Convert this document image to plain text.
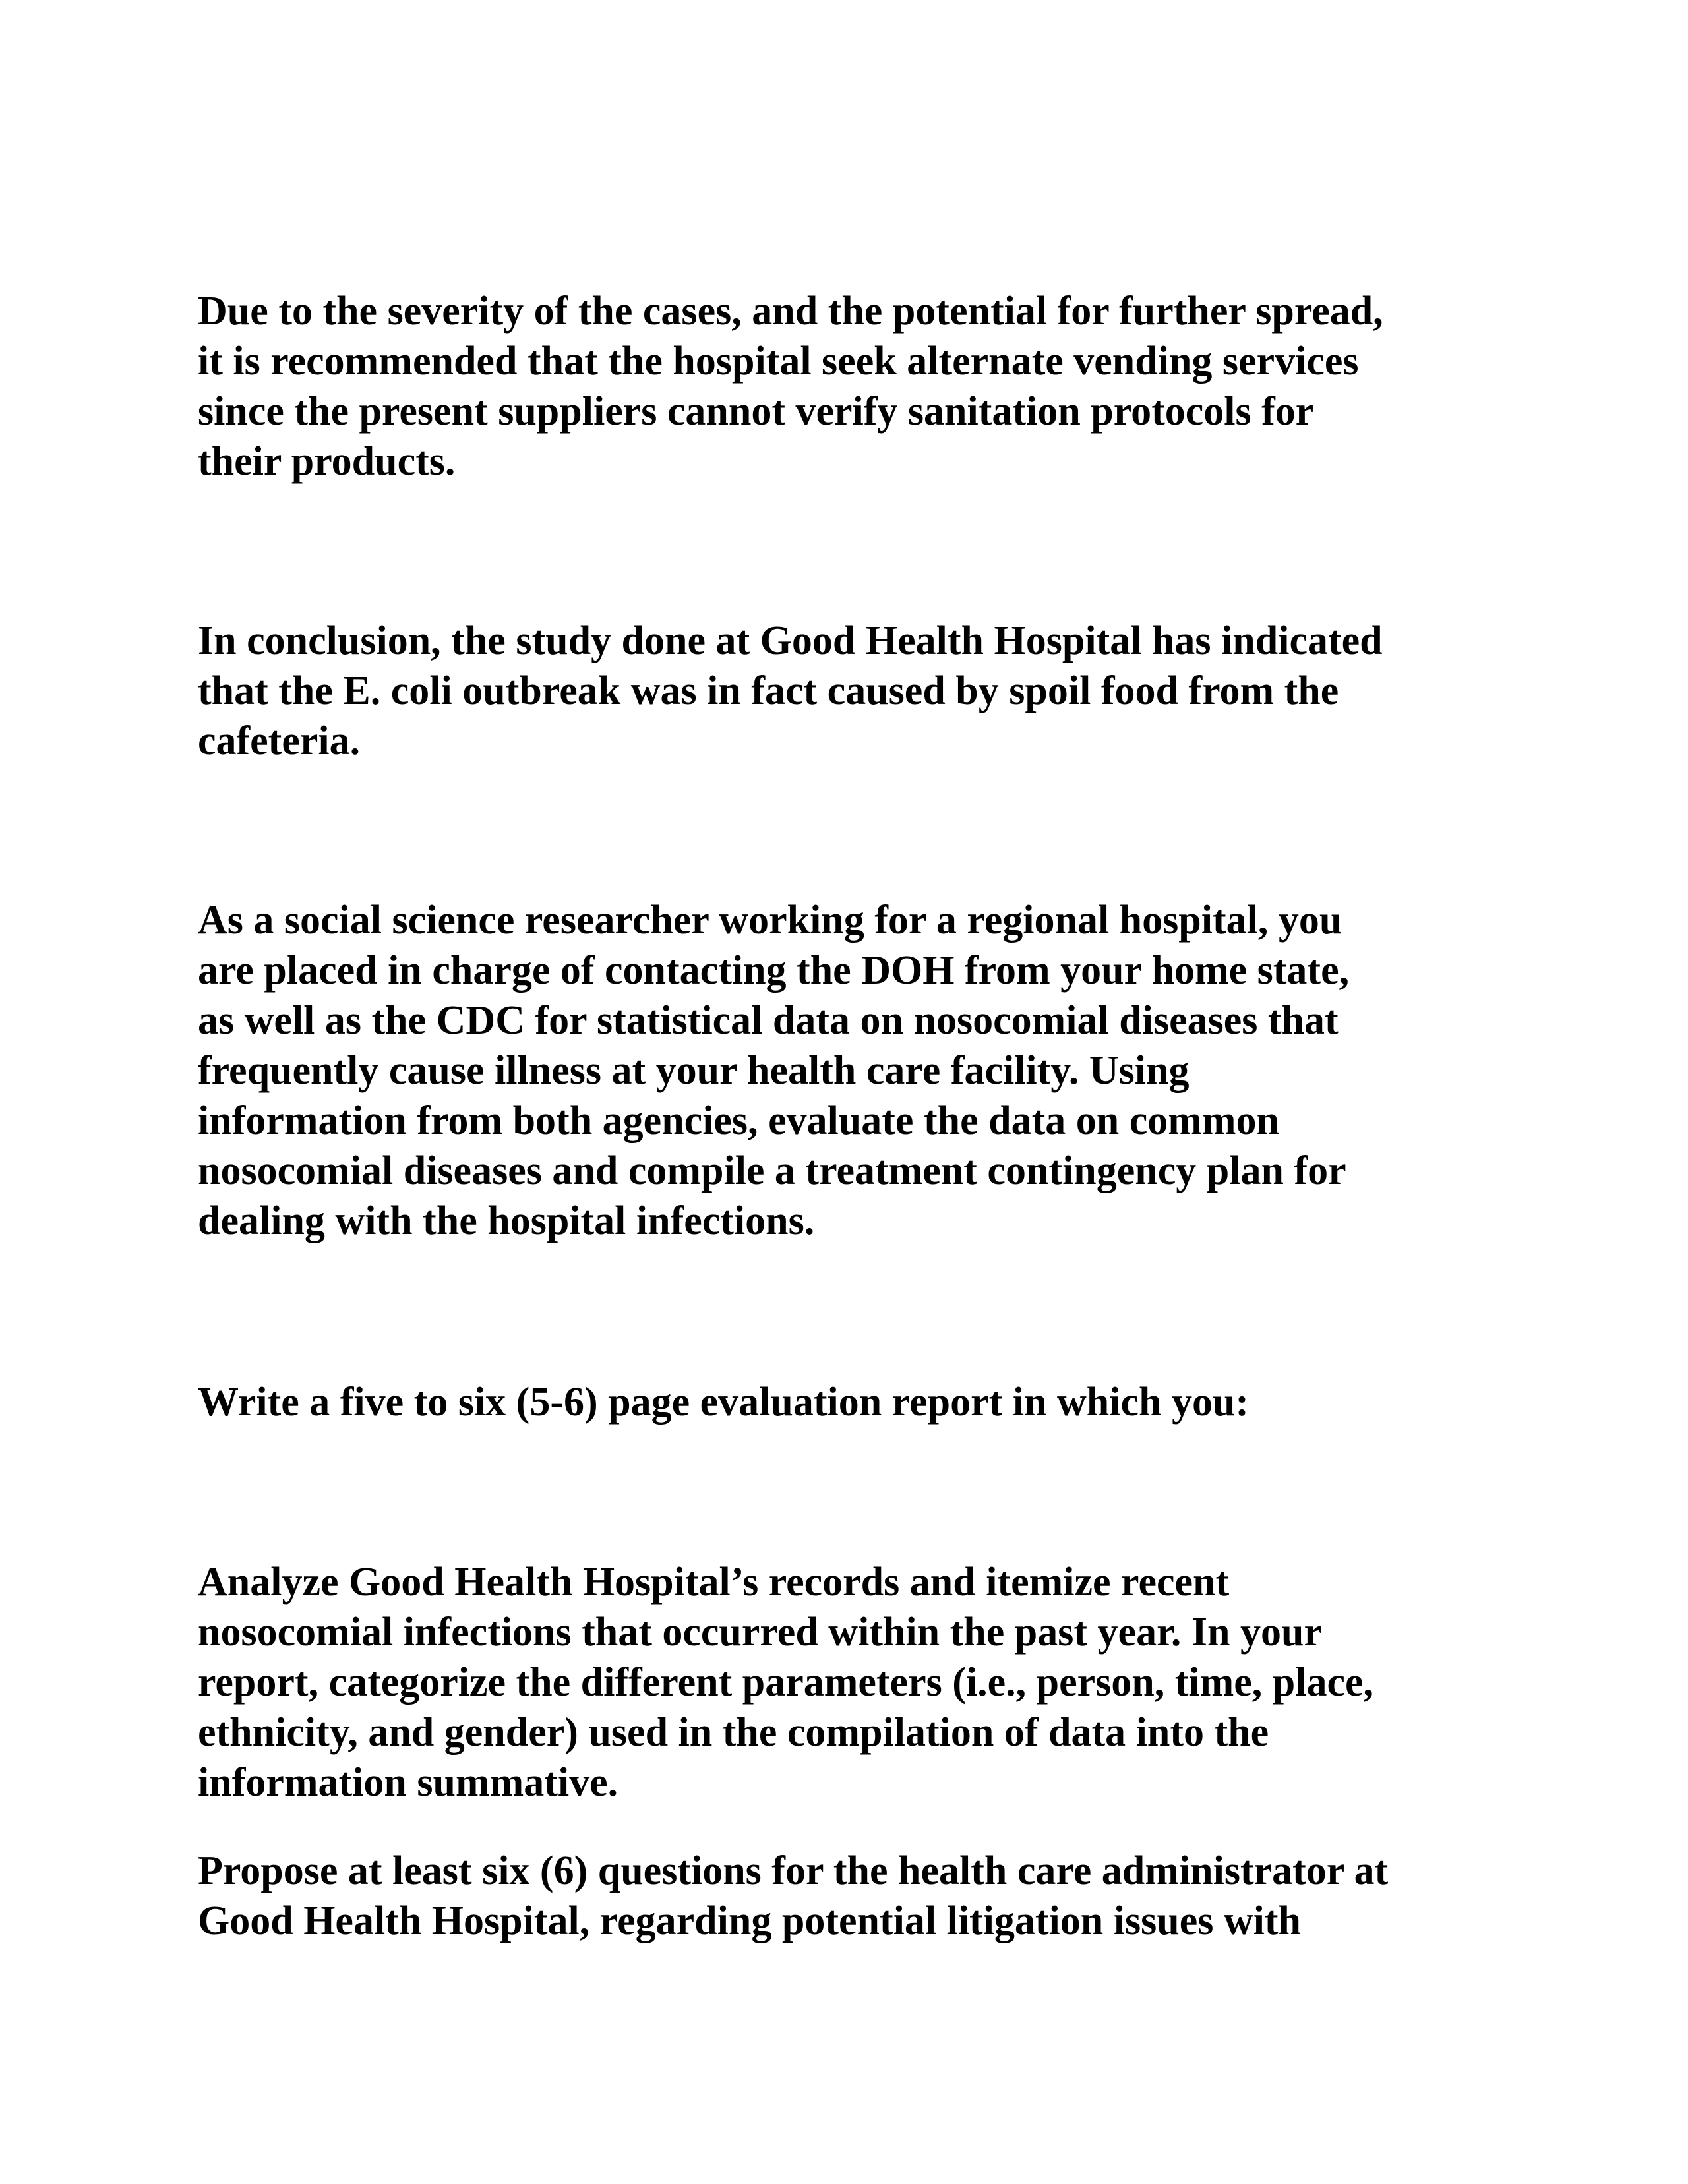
Due to the severity of the cases, and the potential for further spread,
it is recommended that the hospital seek alternate vending services
since the present suppliers cannot verify sanitation protocols for
their products.

In conclusion, the study done at Good Health Hospital has indicated
that the E. coli outbreak was in fact caused by spoil food from the
cafeteria.

As a social science researcher working for a regional hospital, you
are placed in charge of contacting the DOH from your home state,
as well as the CDC for statistical data on nosocomial diseases that
frequently cause illness at your health care facility. Using
information from both agencies, evaluate the data on common
nosocomial diseases and compile a treatment contingency plan for
dealing with the hospital infections.

Write a five to six (5-6) page evaluation report in which you:

Analyze Good Health Hospital’s records and itemize recent
nosocomial infections that occurred within the past year. In your
report, categorize the different parameters (i.e., person, time, place,
ethnicity, and gender) used in the compilation of data into the
information summative.

Propose at least six (6) questions for the health care administrator at
Good Health Hospital, regarding potential litigation issues with
